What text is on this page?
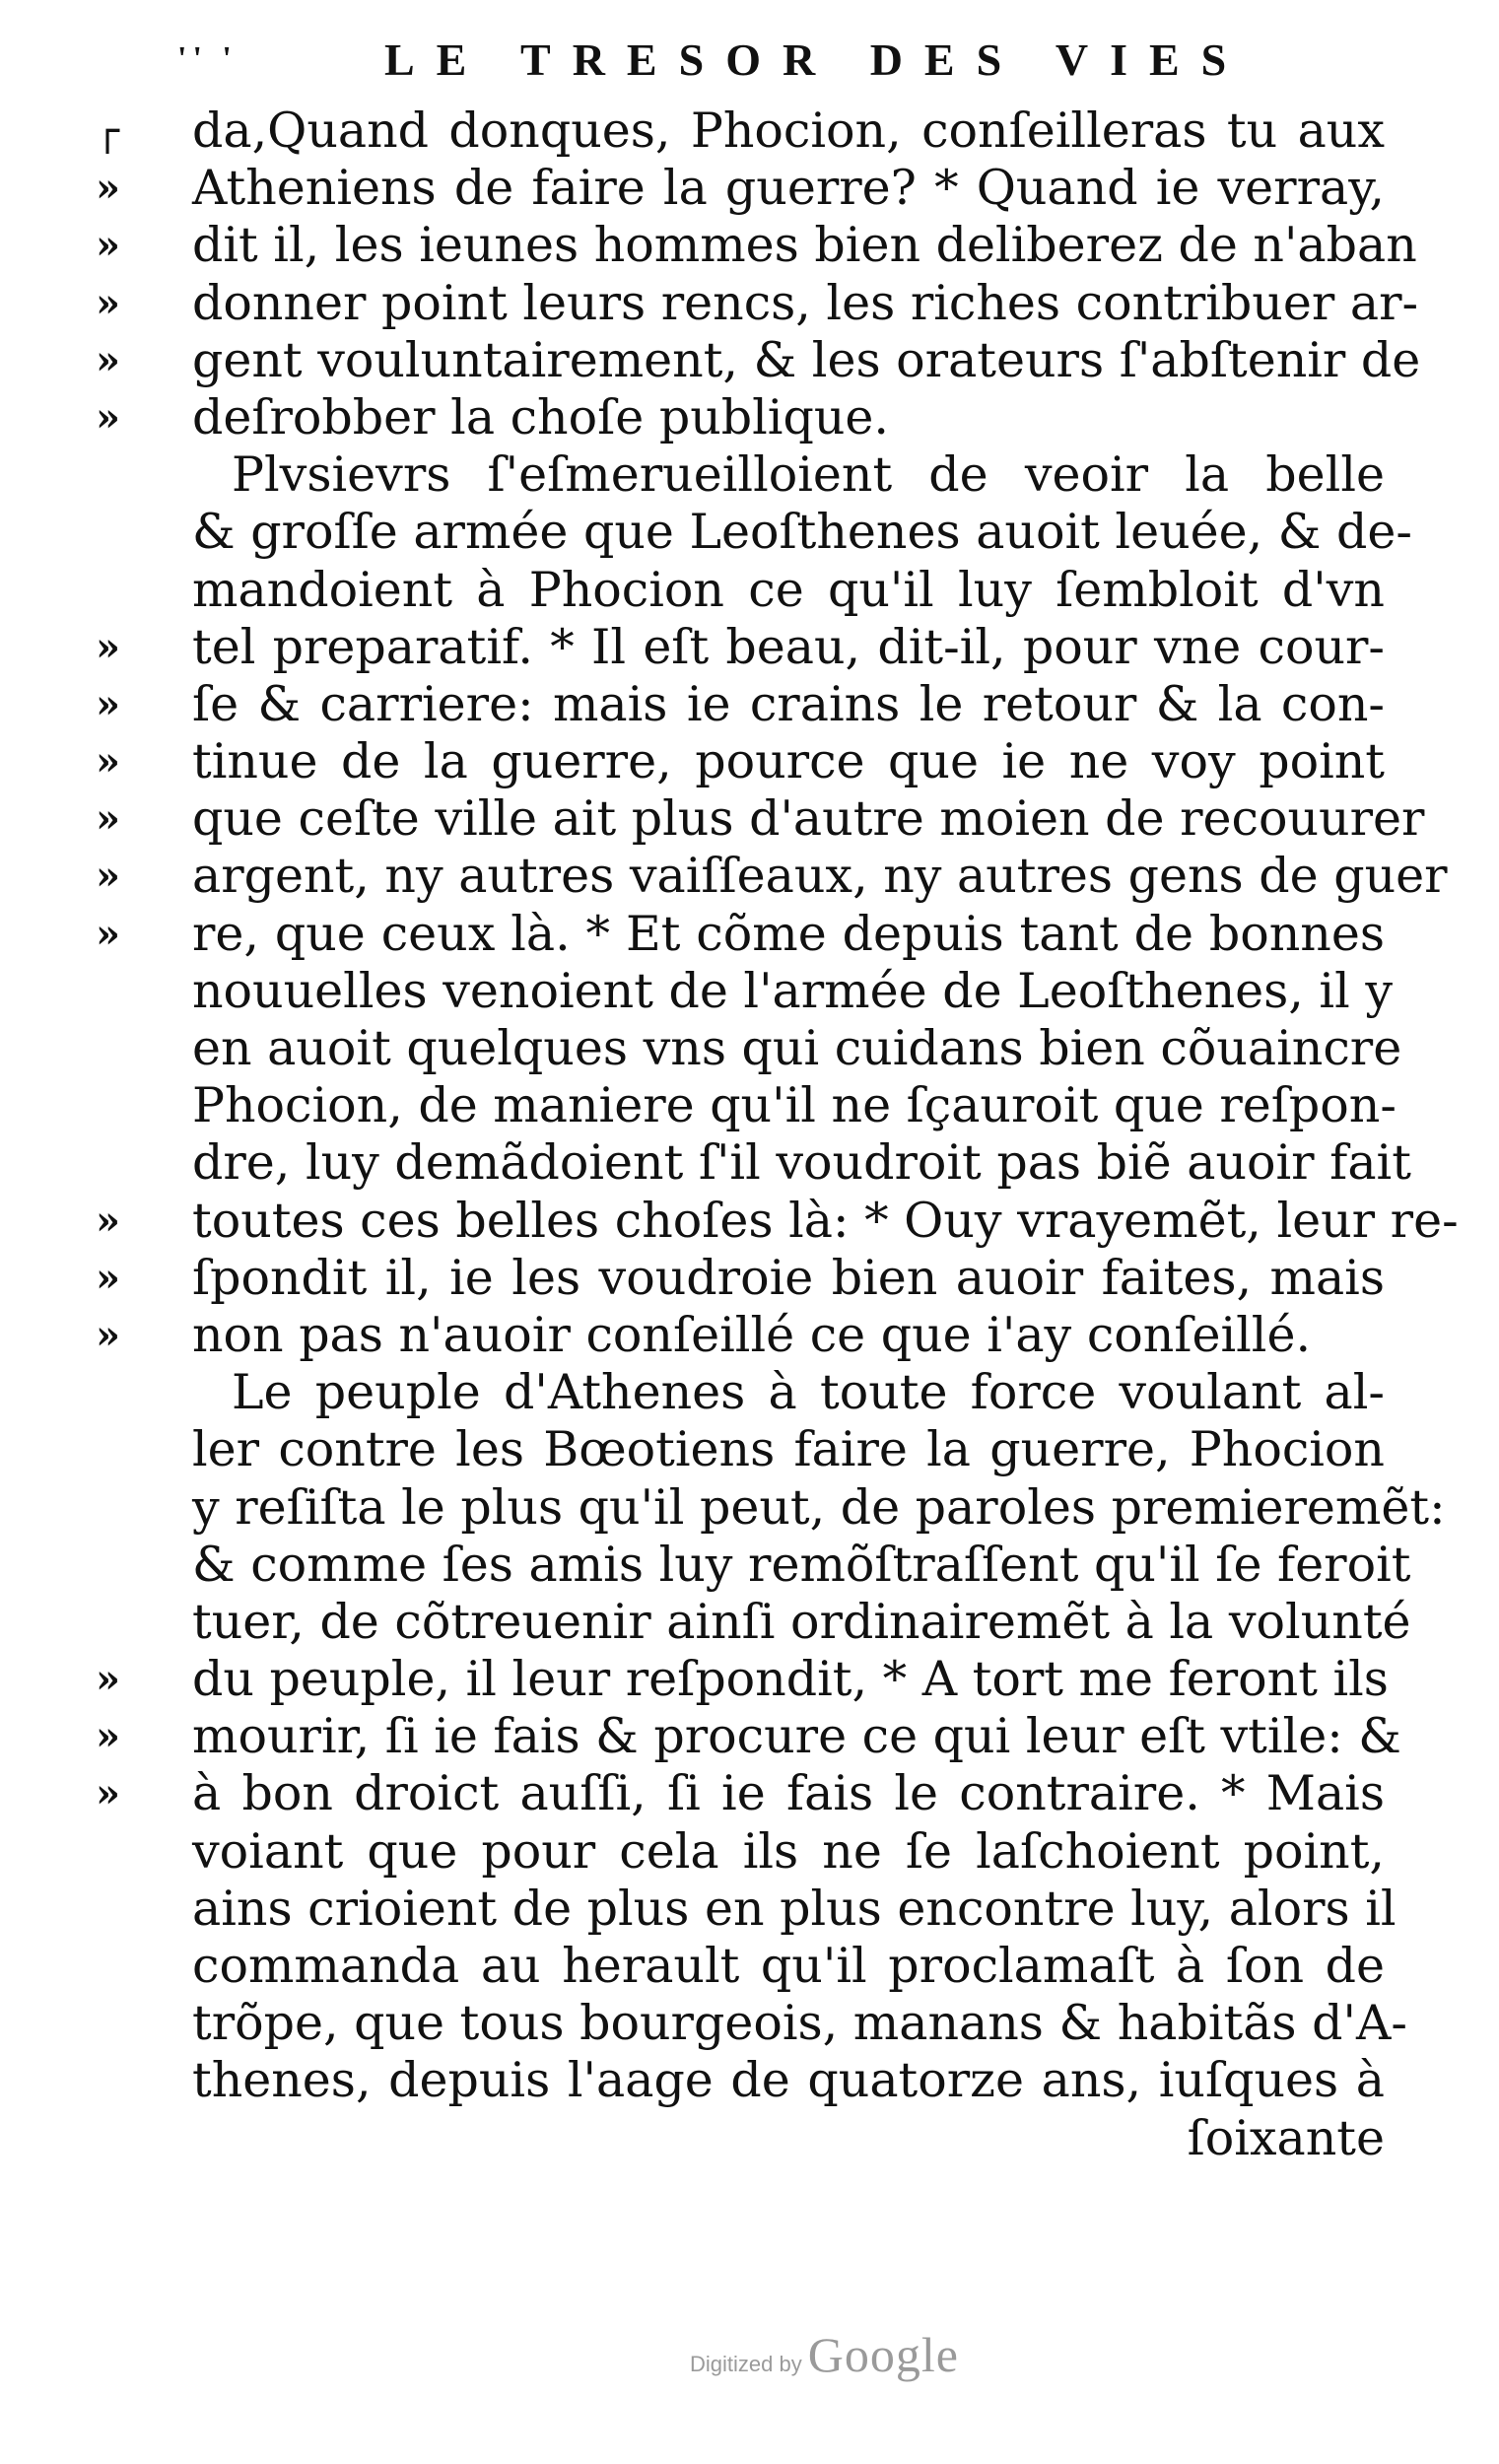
'' '	LE TRESOR DES VIES
┌	da,Quand donques, Phocion, conſeilleras tu aux
»	Atheniens de faire la guerre? * Quand ie verray,
»	dit il, les ieunes hommes bien deliberez de n'aban
»	donner point leurs rencs, les riches contribuer ar-
»	gent vouluntairement, & les orateurs ſ'abſtenir de
»	deſrobber la choſe publique.
Plvsievrs ſ'eſmerueilloient de veoir la belle
& groſſe armée que Leoſthenes auoit leuée, & de-
mandoient à Phocion ce qu'il luy ſembloit d'vn
»	tel preparatif. * Il eſt beau, dit-il, pour vne cour-
»	ſe & carriere: mais ie crains le retour & la con-
»	tinue de la guerre, pource que ie ne voy point
»	que ceſte ville ait plus d'autre moien de recouurer
»	argent, ny autres vaiſſeaux, ny autres gens de guer
»	re, que ceux là. * Et cõme depuis tant de bonnes
nouuelles venoient de l'armée de Leoſthenes, il y
en auoit quelques vns qui cuidans bien cõuaincre
Phocion, de maniere qu'il ne ſçauroit que reſpon-
dre, luy demãdoient ſ'il voudroit pas biẽ auoir fait
»	toutes ces belles choſes là: * Ouy vrayemẽt, leur re-
»	ſpondit il, ie les voudroie bien auoir faites, mais
»	non pas n'auoir conſeillé ce que i'ay conſeillé.
Le peuple d'Athenes à toute force voulant al-
ler contre les Bœotiens faire la guerre, Phocion
y reſiſta le plus qu'il peut, de paroles premieremẽt:
& comme ſes amis luy remõſtraſſent qu'il ſe feroit
tuer, de cõtreuenir ainſi ordinairemẽt à la volunté
»	du peuple, il leur reſpondit, * A tort me feront ils
»	mourir, ſi ie fais & procure ce qui leur eſt vtile: &
»	à bon droict auſſi, ſi ie fais le contraire. * Mais
voiant que pour cela ils ne ſe laſchoient point,
ains crioient de plus en plus encontre luy, alors il
commanda au herault qu'il proclamaſt à ſon de
trõpe, que tous bourgeois, manans & habitãs d'A-
thenes, depuis l'aage de quatorze ans, iuſques à
ſoixante
Digitized by Google
